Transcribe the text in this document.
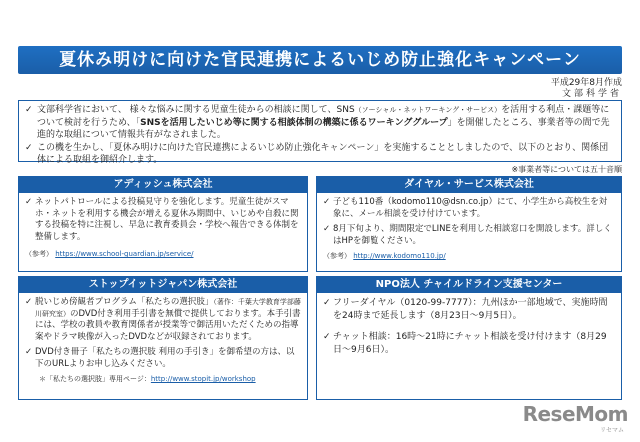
夏休み明けに向けた官民連携によるいじめ防止強化キャンペーン
平成29年8月作成
文部科学省
✓ 文部科学省において、 様々な悩みに関する児童生徒からの相談に関して、SNS（ソーシャル・ネットワーキング・サービス）を活用する利点・課題等について検討を行うため、「SNSを活用したいじめ等に関する相談体制の構築に係るワーキンググループ」を開催したところ、事業者等の間で先進的な取組について情報共有がなされました。
✓ この機を生かし、「夏休み明けに向けた官民連携によるいじめ防止強化キャンペーン」を実施することとしましたので、以下のとおり、関係団体による取組を御紹介します。
※事業者等については五十音順
アディッシュ株式会社
✓ ネットパトロールによる投稿見守りを強化します。児童生徒がスマホ・ネットを利用する機会が増える夏休み期間中、いじめや自殺に関する投稿を特に注視し、早急に教育委員会・学校へ報告できる体制を整備します。
（参考） https://www.school-guardian.jp/service/
ダイヤル・サービス株式会社
✓ 子ども110番（kodomo110@dsn.co.jp）にて、小学生から高校生を対象に、メール相談を受け付けています。
✓ 8月下旬より、期間限定でLINEを利用した相談窓口を開設します。詳しくはHPを御覧ください。
（参考） http://www.kodomo110.jp/
ストップイットジャパン株式会社
✓ 脱いじめ傍観者プログラム「私たちの選択肢」（著作：千葉大学教育学部藤川研究室）のDVD付き利用手引書を無償で提供しております。本手引書には、学校の教員や教育関係者が授業等で御活用いただくための指導案やドラマ映像が入ったDVDなどが収録されております。
✓ DVD付き冊子「私たちの選択肢 利用の手引き」を御希望の方は、以下のURLよりお申し込みください。
＊「私たちの選択肢」専用ページ：http://www.stopit.jp/workshop
NPO法人 チャイルドライン支援センター
✓ フリーダイヤル（0120-99-7777）：九州ほか一部地域で、実施時間を24時まで延長します（8月23日～9月5日）。
✓ チャット相談：16時～21時にチャット相談を受け付けます（8月29日～9月6日）。
ReseMom
リセマム
